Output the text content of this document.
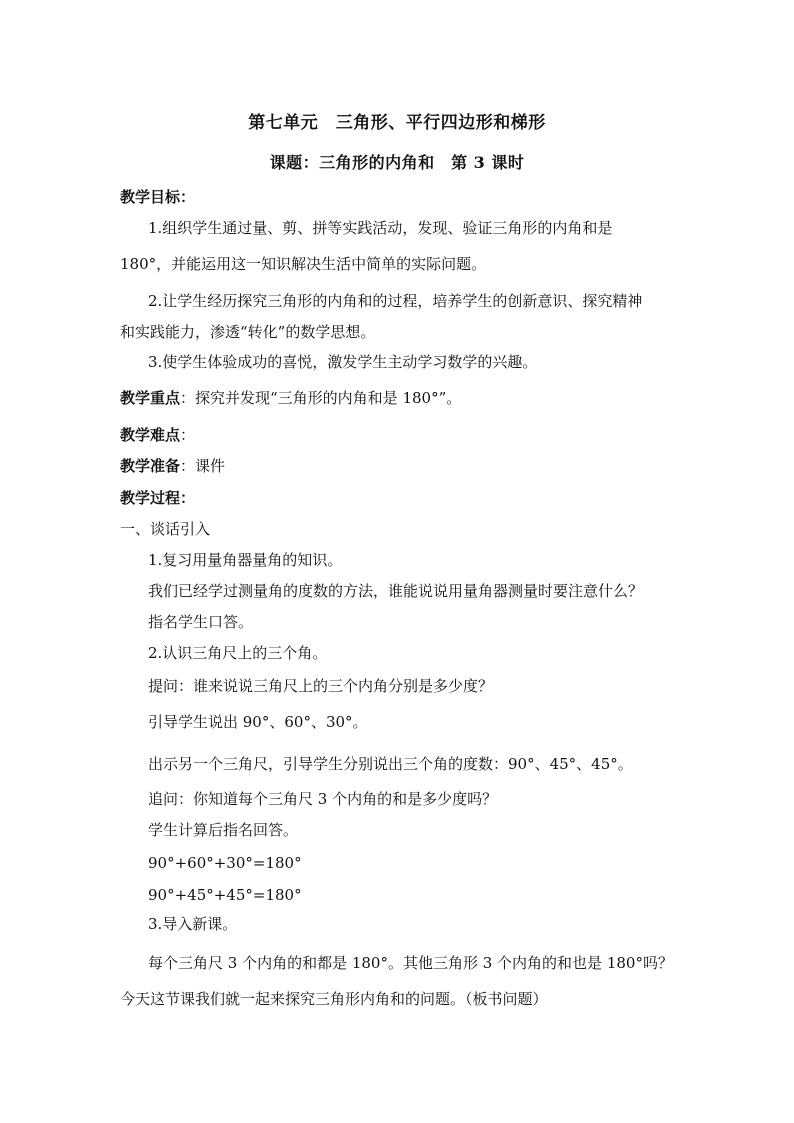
第七单元　三角形、平行四边形和梯形
课题：三角形的内角和　第 3 课时
教学目标：
1.组织学生通过量、剪、拼等实践活动，发现、验证三角形的内角和是
180°，并能运用这一知识解决生活中简单的实际问题。
2.让学生经历探究三角形的内角和的过程，培养学生的创新意识、探究精神
和实践能力，渗透“转化”的数学思想。
3.使学生体验成功的喜悦，激发学生主动学习数学的兴趣。
教学重点：探究并发现“三角形的内角和是 180°”。
教学难点：
教学准备：课件
教学过程：
一、谈话引入
1.复习用量角器量角的知识。
我们已经学过测量角的度数的方法，谁能说说用量角器测量时要注意什么？
指名学生口答。
2.认识三角尺上的三个角。
提问：谁来说说三角尺上的三个内角分别是多少度？
引导学生说出 90°、60°、30°。
出示另一个三角尺，引导学生分别说出三个角的度数：90°、45°、45°。
追问：你知道每个三角尺 3 个内角的和是多少度吗？
学生计算后指名回答。
90°+60°+30°=180°
90°+45°+45°=180°
3.导入新课。
每个三角尺 3 个内角的和都是 180°。其他三角形 3 个内角的和也是 180°吗？
今天这节课我们就一起来探究三角形内角和的问题。（板书问题）
